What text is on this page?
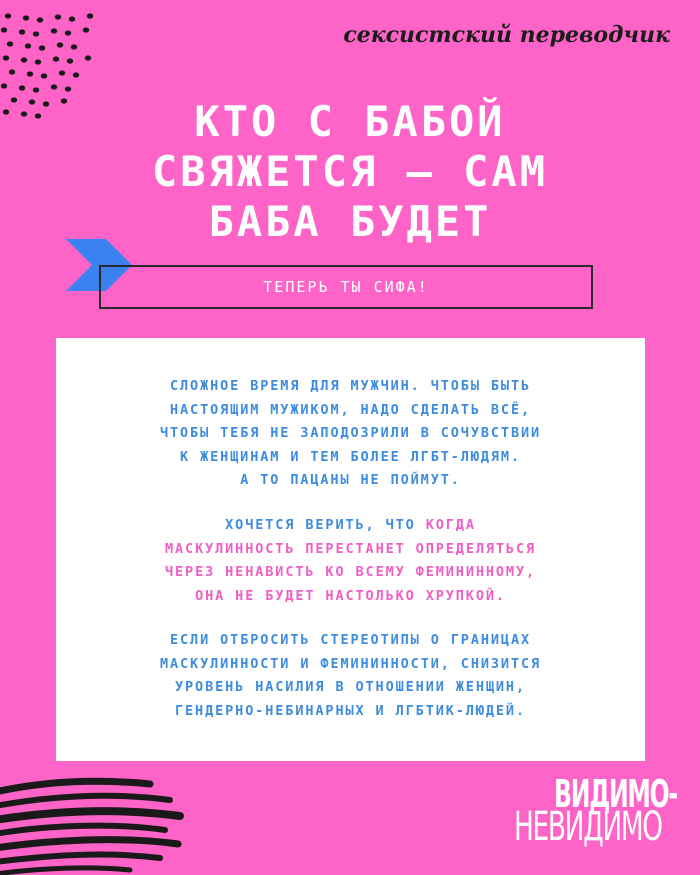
сексистский переводчик
КТО С БАБОЙ
СВЯЖЕТСЯ — САМ
БАБА БУДЕТ
ТЕПЕРЬ ТЫ СИФА!
СЛОЖНОЕ ВРЕМЯ ДЛЯ МУЖЧИН. ЧТОБЫ БЫТЬ
НАСТОЯЩИМ МУЖИКОМ, НАДО СДЕЛАТЬ ВСЁ,
ЧТОБЫ ТЕБЯ НЕ ЗАПОДОЗРИЛИ В СОЧУВСТВИИ
К ЖЕНЩИНАМ И ТЕМ БОЛЕЕ ЛГБТ-ЛЮДЯМ.
А ТО ПАЦАНЫ НЕ ПОЙМУТ.
ХОЧЕТСЯ ВЕРИТЬ, ЧТО КОГДА
МАСКУЛИННОСТЬ ПЕРЕСТАНЕТ ОПРЕДЕЛЯТЬСЯ
ЧЕРЕЗ НЕНАВИСТЬ КО ВСЕМУ ФЕМИНИННОМУ,
ОНА НЕ БУДЕТ НАСТОЛЬКО ХРУПКОЙ.
ЕСЛИ ОТБРОСИТЬ СТЕРЕОТИПЫ О ГРАНИЦАХ
МАСКУЛИННОСТИ И ФЕМИНИННОСТИ, СНИЗИТСЯ
УРОВЕНЬ НАСИЛИЯ В ОТНОШЕНИИ ЖЕНЩИН,
ГЕНДЕРНО-НЕБИНАРНЫХ И ЛГБТИК-ЛЮДЕЙ.
ВИДИМО-
НЕВИДИМО
